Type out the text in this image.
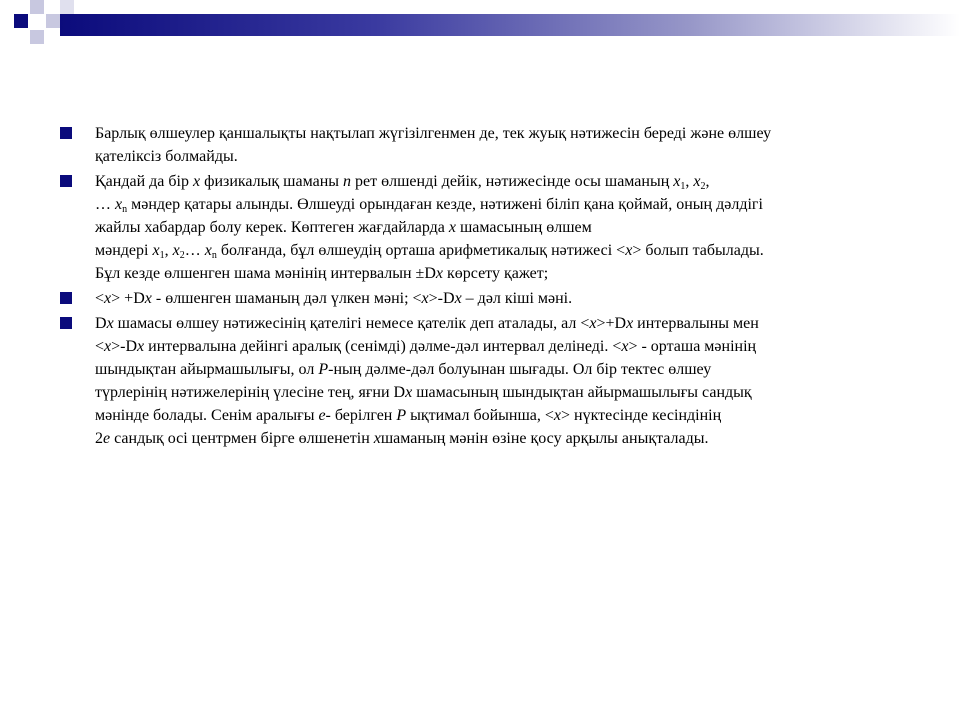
Барлық өлшеулер қаншалықты нақтылап жүгізілгенмен де, тек жуық нәтижесін береді және өлшеу
қателіксіз болмайды.
Қандай да бір x физикалық шаманы n рет өлшенді дейік, нәтижесінде осы шаманың $x_1$, $x_2$,
… $x_n$ мәндер қатары алынды. Өлшеуді орындаған кезде, нәтижені біліп қана қоймай, оның дәлдігі
жайлы хабардар болу керек. Көптеген жағдайларда x шамасының өлшем
мәндері $x_1$, $x_2\dots$ $x_n$ болғанда, бұл өлшеудің орташа арифметикалық нәтижесі <x> болып табылады.
Бұл кезде өлшенген шама мәнінің интервалын ±Dx көрсету қажет;
<x> +Dx - өлшенген шаманың дәл үлкен мәні; <x>-Dx – дәл кіші мәні.
Dx шамасы өлшеу нәтижесінің қателігі немесе қателік деп аталады, ал <x>+Dx интервалыны мен
<x>-Dx интервалына дейінгі аралық (сенімді) дәлме-дәл интервал делінеді. <x> - орташа мәнінің
шындықтан айырмашылығы, ол P-ның дәлме-дәл болуынан шығады. Ол бір тектес өлшеу
түрлерінің нәтижелерінің үлесіне тең, яғни Dx шамасының шындықтан айырмашылығы сандық
мәнінде болады. Сенім аралығы e- берілген P ықтимал бойынша, <x> нүктесінде кесіндінің
2e сандық осі центрмен бірге өлшенетін xшаманың мәнін өзіне қосу арқылы анықталады.
